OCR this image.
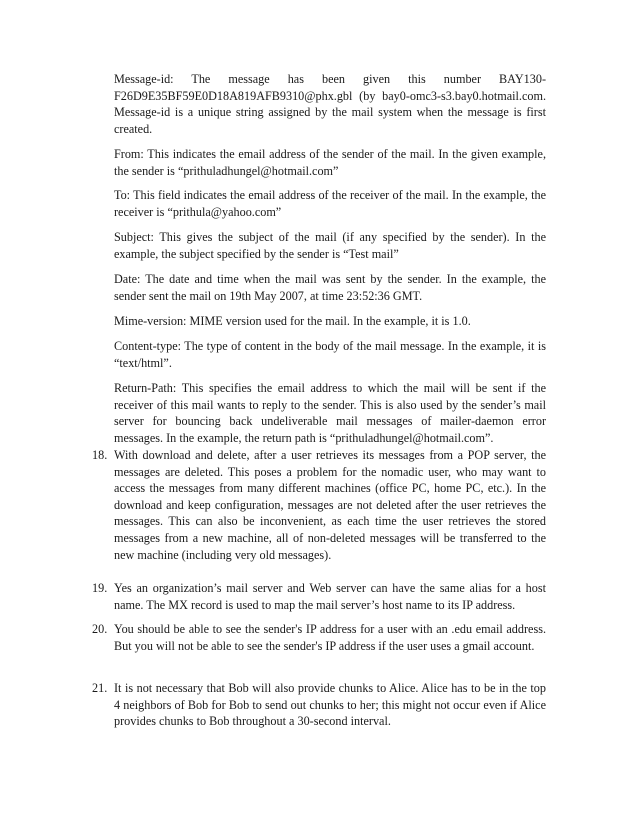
Message-id: The message has been given this number BAY130-F26D9E35BF59E0D18A819AFB9310@phx.gbl (by bay0-omc3-s3.bay0.hotmail.com. Message-id is a unique string assigned by the mail system when the message is first created.

From: This indicates the email address of the sender of the mail. In the given example, the sender is “prithuladhungel@hotmail.com”

To: This field indicates the email address of the receiver of the mail. In the example, the receiver is “prithula@yahoo.com”

Subject: This gives the subject of the mail (if any specified by the sender). In the example, the subject specified by the sender is “Test mail”

Date: The date and time when the mail was sent by the sender. In the example, the sender sent the mail on 19th May 2007, at time 23:52:36 GMT.

Mime-version: MIME version used for the mail. In the example, it is 1.0.

Content-type: The type of content in the body of the mail message. In the example, it is “text/html”.

Return-Path: This specifies the email address to which the mail will be sent if the receiver of this mail wants to reply to the sender. This is also used by the sender’s mail server for bouncing back undeliverable mail messages of mailer-daemon error messages. In the example, the return path is “prithuladhungel@hotmail.com”.

18. With download and delete, after a user retrieves its messages from a POP server, the messages are deleted. This poses a problem for the nomadic user, who may want to access the messages from many different machines (office PC, home PC, etc.). In the download and keep configuration, messages are not deleted after the user retrieves the messages. This can also be inconvenient, as each time the user retrieves the stored messages from a new machine, all of non-deleted messages will be transferred to the new machine (including very old messages).

19. Yes an organization’s mail server and Web server can have the same alias for a host name. The MX record is used to map the mail server’s host name to its IP address.

20. You should be able to see the sender's IP address for a user with an .edu email address. But you will not be able to see the sender's IP address if the user uses a gmail account.

21. It is not necessary that Bob will also provide chunks to Alice. Alice has to be in the top 4 neighbors of Bob for Bob to send out chunks to her; this might not occur even if Alice provides chunks to Bob throughout a 30-second interval.
